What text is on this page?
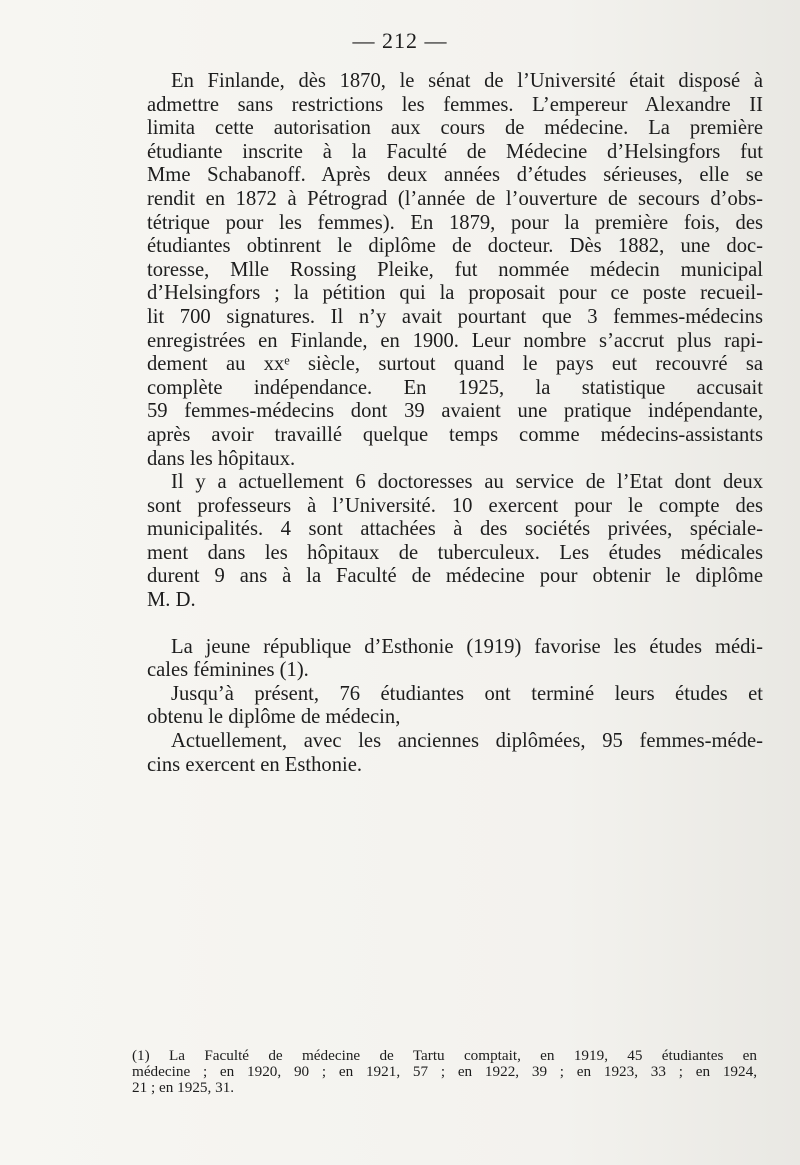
— 212 —
En Finlande, dès 1870, le sénat de l’Université était disposé à
admettre sans restrictions les femmes. L’empereur Alexandre II
limita cette autorisation aux cours de médecine. La première
étudiante inscrite à la Faculté de Médecine d’Helsingfors fut
Mme Schabanoff. Après deux années d’études sérieuses, elle se
rendit en 1872 à Pétrograd (l’année de l’ouverture de secours d’obs-
tétrique pour les femmes). En 1879, pour la première fois, des
étudiantes obtinrent le diplôme de docteur. Dès 1882, une doc-
toresse, Mlle Rossing Pleike, fut nommée médecin municipal
d’Helsingfors ; la pétition qui la proposait pour ce poste recueil-
lit 700 signatures. Il n’y avait pourtant que 3 femmes-médecins
enregistrées en Finlande, en 1900. Leur nombre s’accrut plus rapi-
dement au xxᵉ siècle, surtout quand le pays eut recouvré sa
complète indépendance. En 1925, la statistique accusait
59 femmes-médecins dont 39 avaient une pratique indépendante,
après avoir travaillé quelque temps comme médecins-assistants
dans les hôpitaux.
Il y a actuellement 6 doctoresses au service de l’Etat dont deux
sont professeurs à l’Université. 10 exercent pour le compte des
municipalités. 4 sont attachées à des sociétés privées, spéciale-
ment dans les hôpitaux de tuberculeux. Les études médicales
durent 9 ans à la Faculté de médecine pour obtenir le diplôme
M. D.
La jeune république d’Esthonie (1919) favorise les études médi-
cales féminines (1).
Jusqu’à présent, 76 étudiantes ont terminé leurs études et
obtenu le diplôme de médecin,
Actuellement, avec les anciennes diplômées, 95 femmes-méde-
cins exercent en Esthonie.
(1) La Faculté de médecine de Tartu comptait, en 1919, 45 étudiantes en
médecine ; en 1920, 90 ; en 1921, 57 ; en 1922, 39 ; en 1923, 33 ; en 1924,
21 ; en 1925, 31.
